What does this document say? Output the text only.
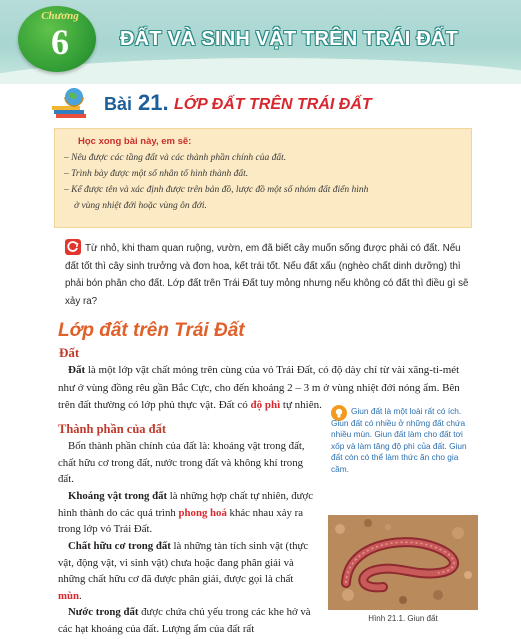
Chương
6	ĐẤT VÀ SINH VẬT TRÊN TRÁI ĐẤT
Bài 21. LỚP ĐẤT TRÊN TRÁI ĐẤT
Học xong bài này, em sẽ:
– Nêu được các tầng đất và các thành phần chính của đất.
– Trình bày được một số nhân tố hình thành đất.
– Kể được tên và xác định được trên bản đồ, lược đồ một số nhóm đất điển hình
ở vùng nhiệt đới hoặc vùng ôn đới.
Từ nhỏ, khi tham quan ruộng, vườn, em đã biết cây muốn sống được phải có đất. Nếu đất tốt thì cây sinh trưởng và đơn hoa, kết trái tốt. Nếu đất xấu (nghèo chất dinh dưỡng) thì phải bón phân cho đất. Lớp đất trên Trái Đất tuy mỏng nhưng nếu không có đất thì điều gì sẽ xảy ra?
Lớp đất trên Trái Đất
Đất
Đất là một lớp vật chất mỏng trên cùng của vỏ Trái Đất, có độ dày chỉ từ vài xăng-ti-mét như ở vùng đồng rêu gần Bắc Cực, cho đến khoảng 2 – 3 m ở vùng nhiệt đới nóng ẩm. Bên trên đất thường có lớp phủ thực vật. Đất có độ phì tự nhiên.
Thành phần của đất
Bốn thành phần chính của đất là: khoáng vật trong đất, chất hữu cơ trong đất, nước trong đất và không khí trong đất.
Khoáng vật trong đất là những hợp chất tự nhiên, được hình thành do các quá trình phong hoá khác nhau xảy ra trong lớp vỏ Trái Đất.
Chất hữu cơ trong đất là những tàn tích sinh vật (thực vật, động vật, vi sinh vật) chưa hoặc đang phân giải và những chất hữu cơ đã được phân giải, được gọi là chất mùn.
Nước trong đất được chứa chủ yếu trong các khe hở và các hạt khoáng của đất. Lượng ẩm của đất rất
Giun đất là một loài rất có ích. Giun đất có nhiều ở những đất chứa nhiều mùn. Giun đất làm cho đất tơi xốp và làm tăng độ phì của đất. Giun đất còn có thể làm thức ăn cho gia cầm.
Hình 21.1. Giun đất
